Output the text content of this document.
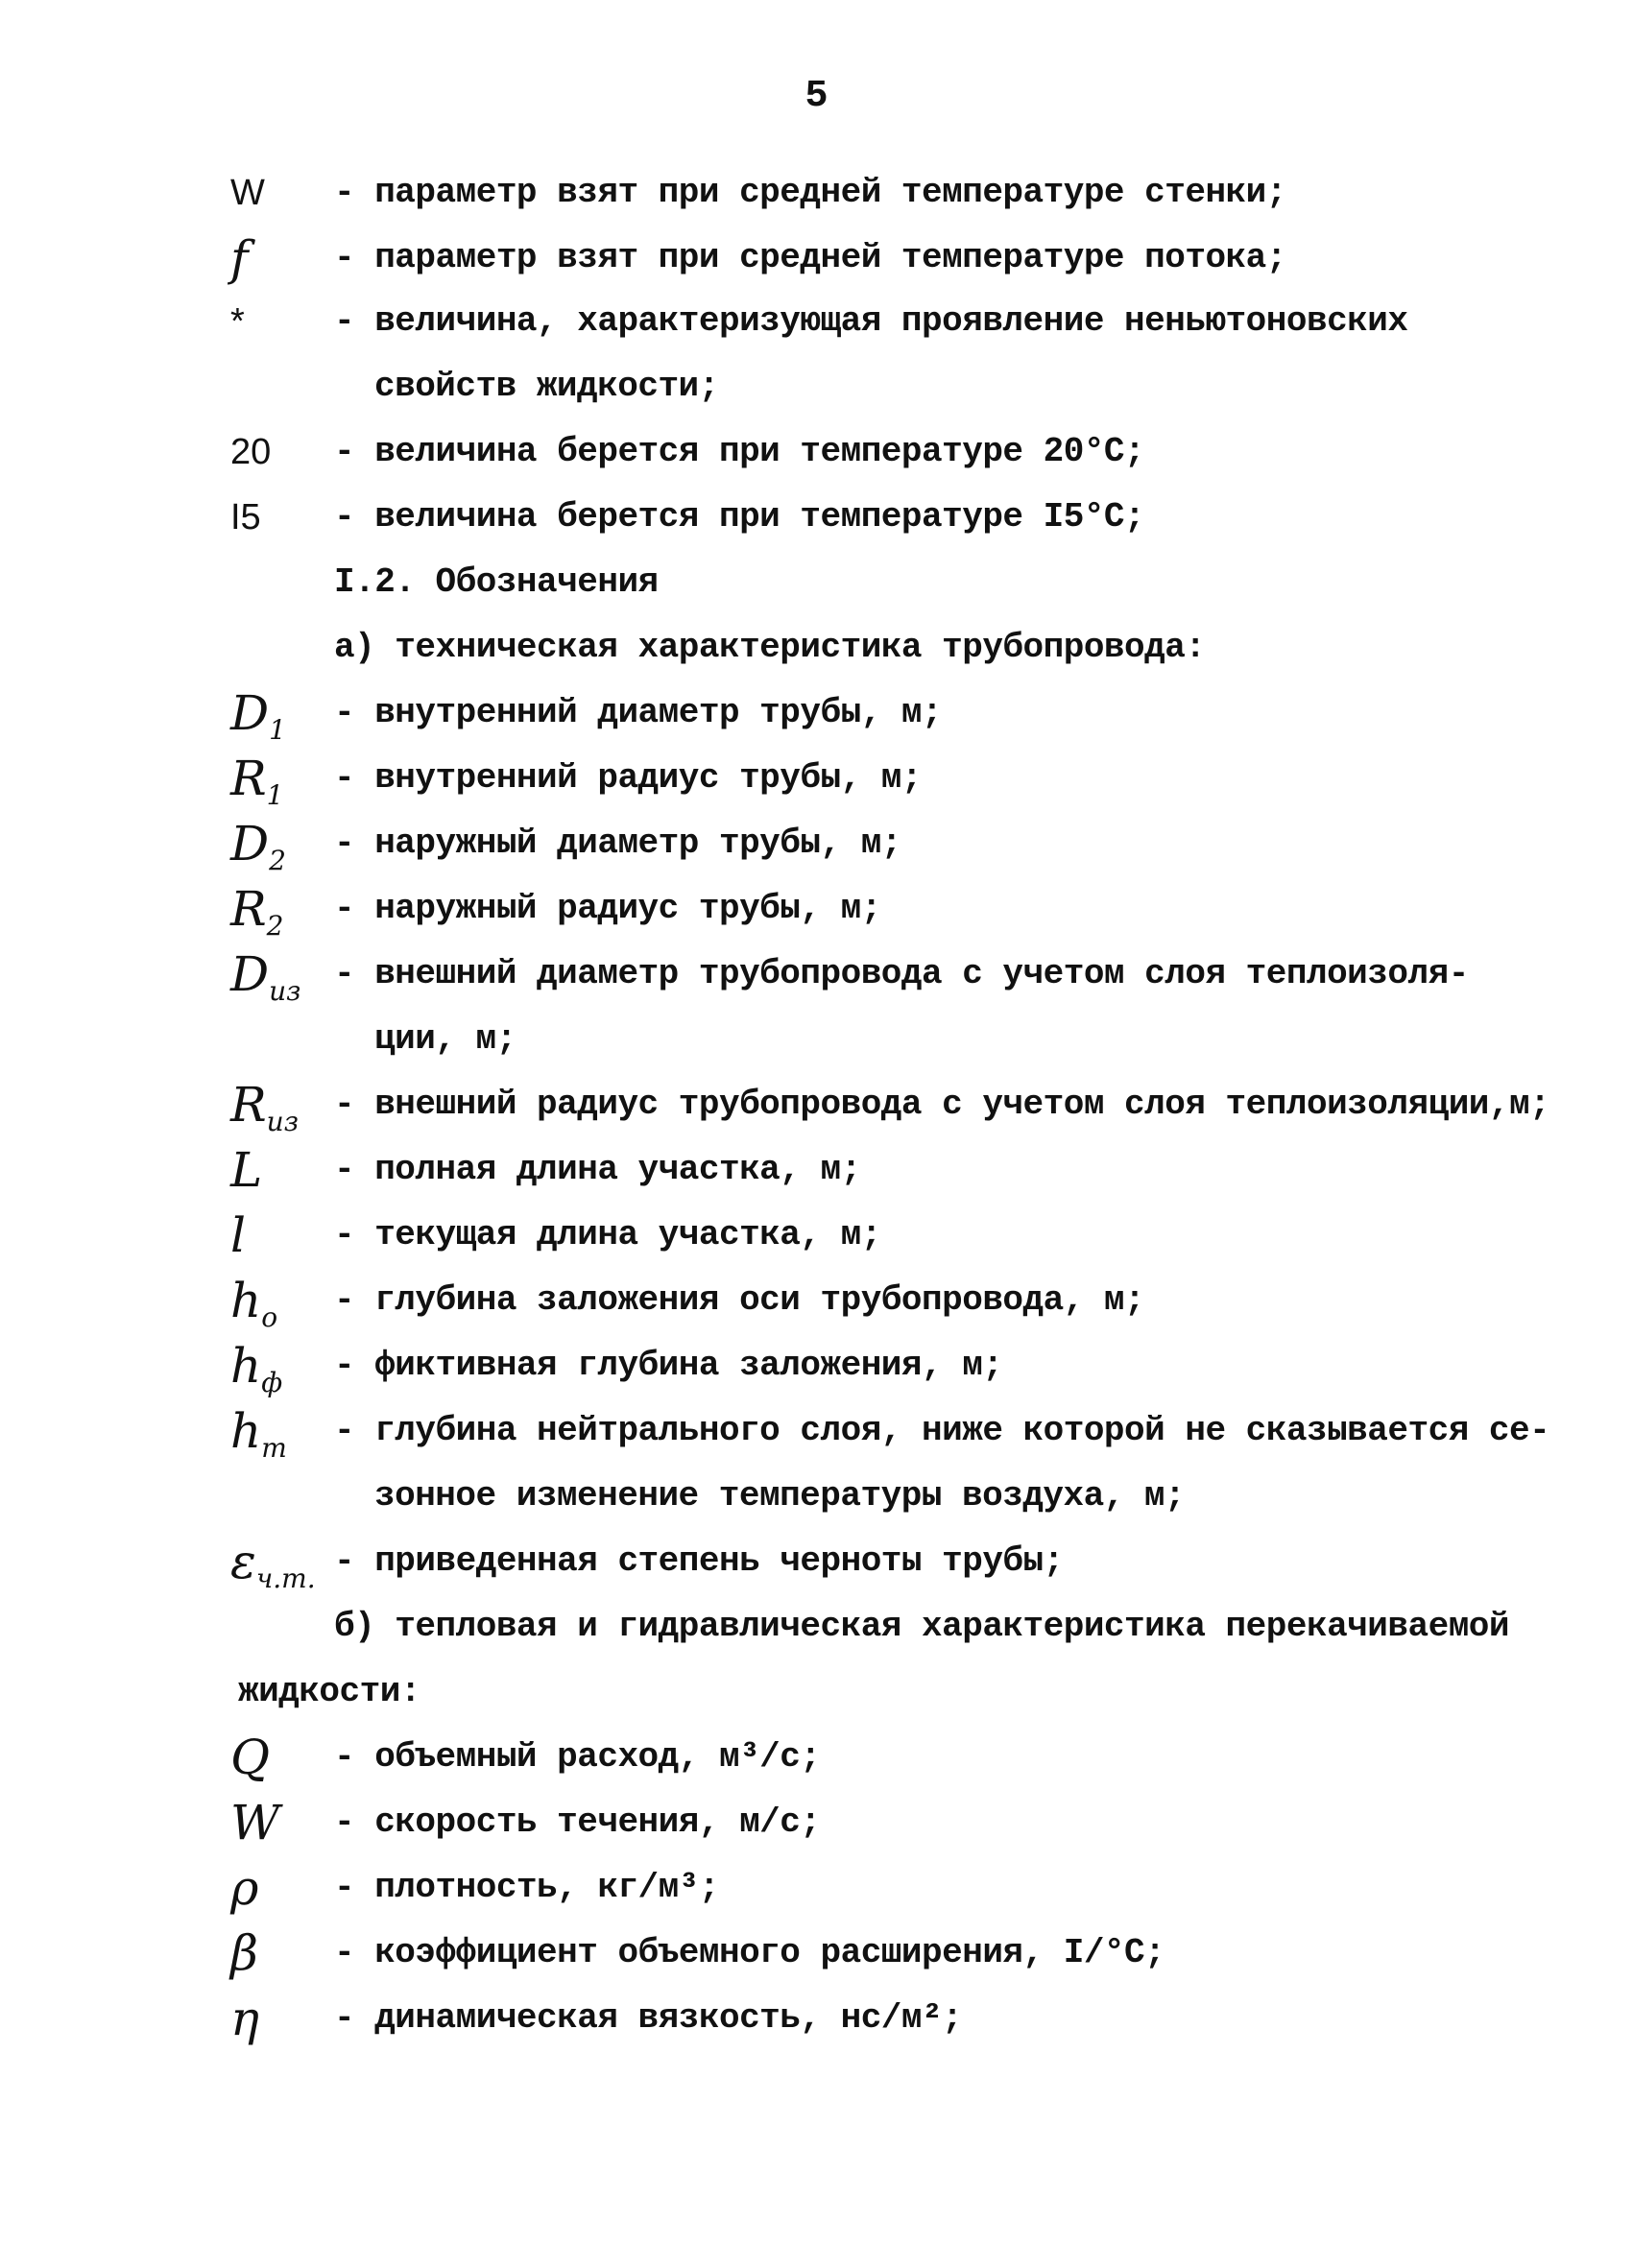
5
W - параметр взят при средней температуре стенки;
f - параметр взят при средней температуре потока;
*	- величина, характеризующая проявление неньютоновских
свойств жидкости;
20 - величина берется при температуре 20°C;
I5 - величина берется при температуре I5°C;
I.2. Обозначения
а) техническая характеристика трубопровода:
$D_1$ - внутренний диаметр трубы, м;
$R_1$ - внутренний радиус трубы, м;
$D_2$ - наружный диаметр трубы, м;
$R_2$ - наружный радиус трубы, м;
$D_{из}$ - внешний диаметр трубопровода с учетом слоя теплоизоля-
ции, м;
$R_{из}$ - внешний радиус трубопровода с учетом слоя теплоизоляции,м;
L - полная длина участка, м;
l	- текущая длина участка, м;
$h_o$ - глубина заложения оси трубопровода, м;
$h_ф$ - фиктивная глубина заложения, м;
$h_m$ - глубина нейтрального слоя, ниже которой не сказывается се-
зонное изменение температуры воздуха, м;
$\varepsilon_{ч.т.}$ - приведенная степень черноты трубы;
б) тепловая и гидравлическая характеристика перекачиваемой
жидкости:
Q - объемный расход, м³/с;
W - скорость течения, м/с;
ρ - плотность, кг/м³;
β - коэффициент объемного расширения, I/°C;
η - динамическая вязкость, нс/м²;
